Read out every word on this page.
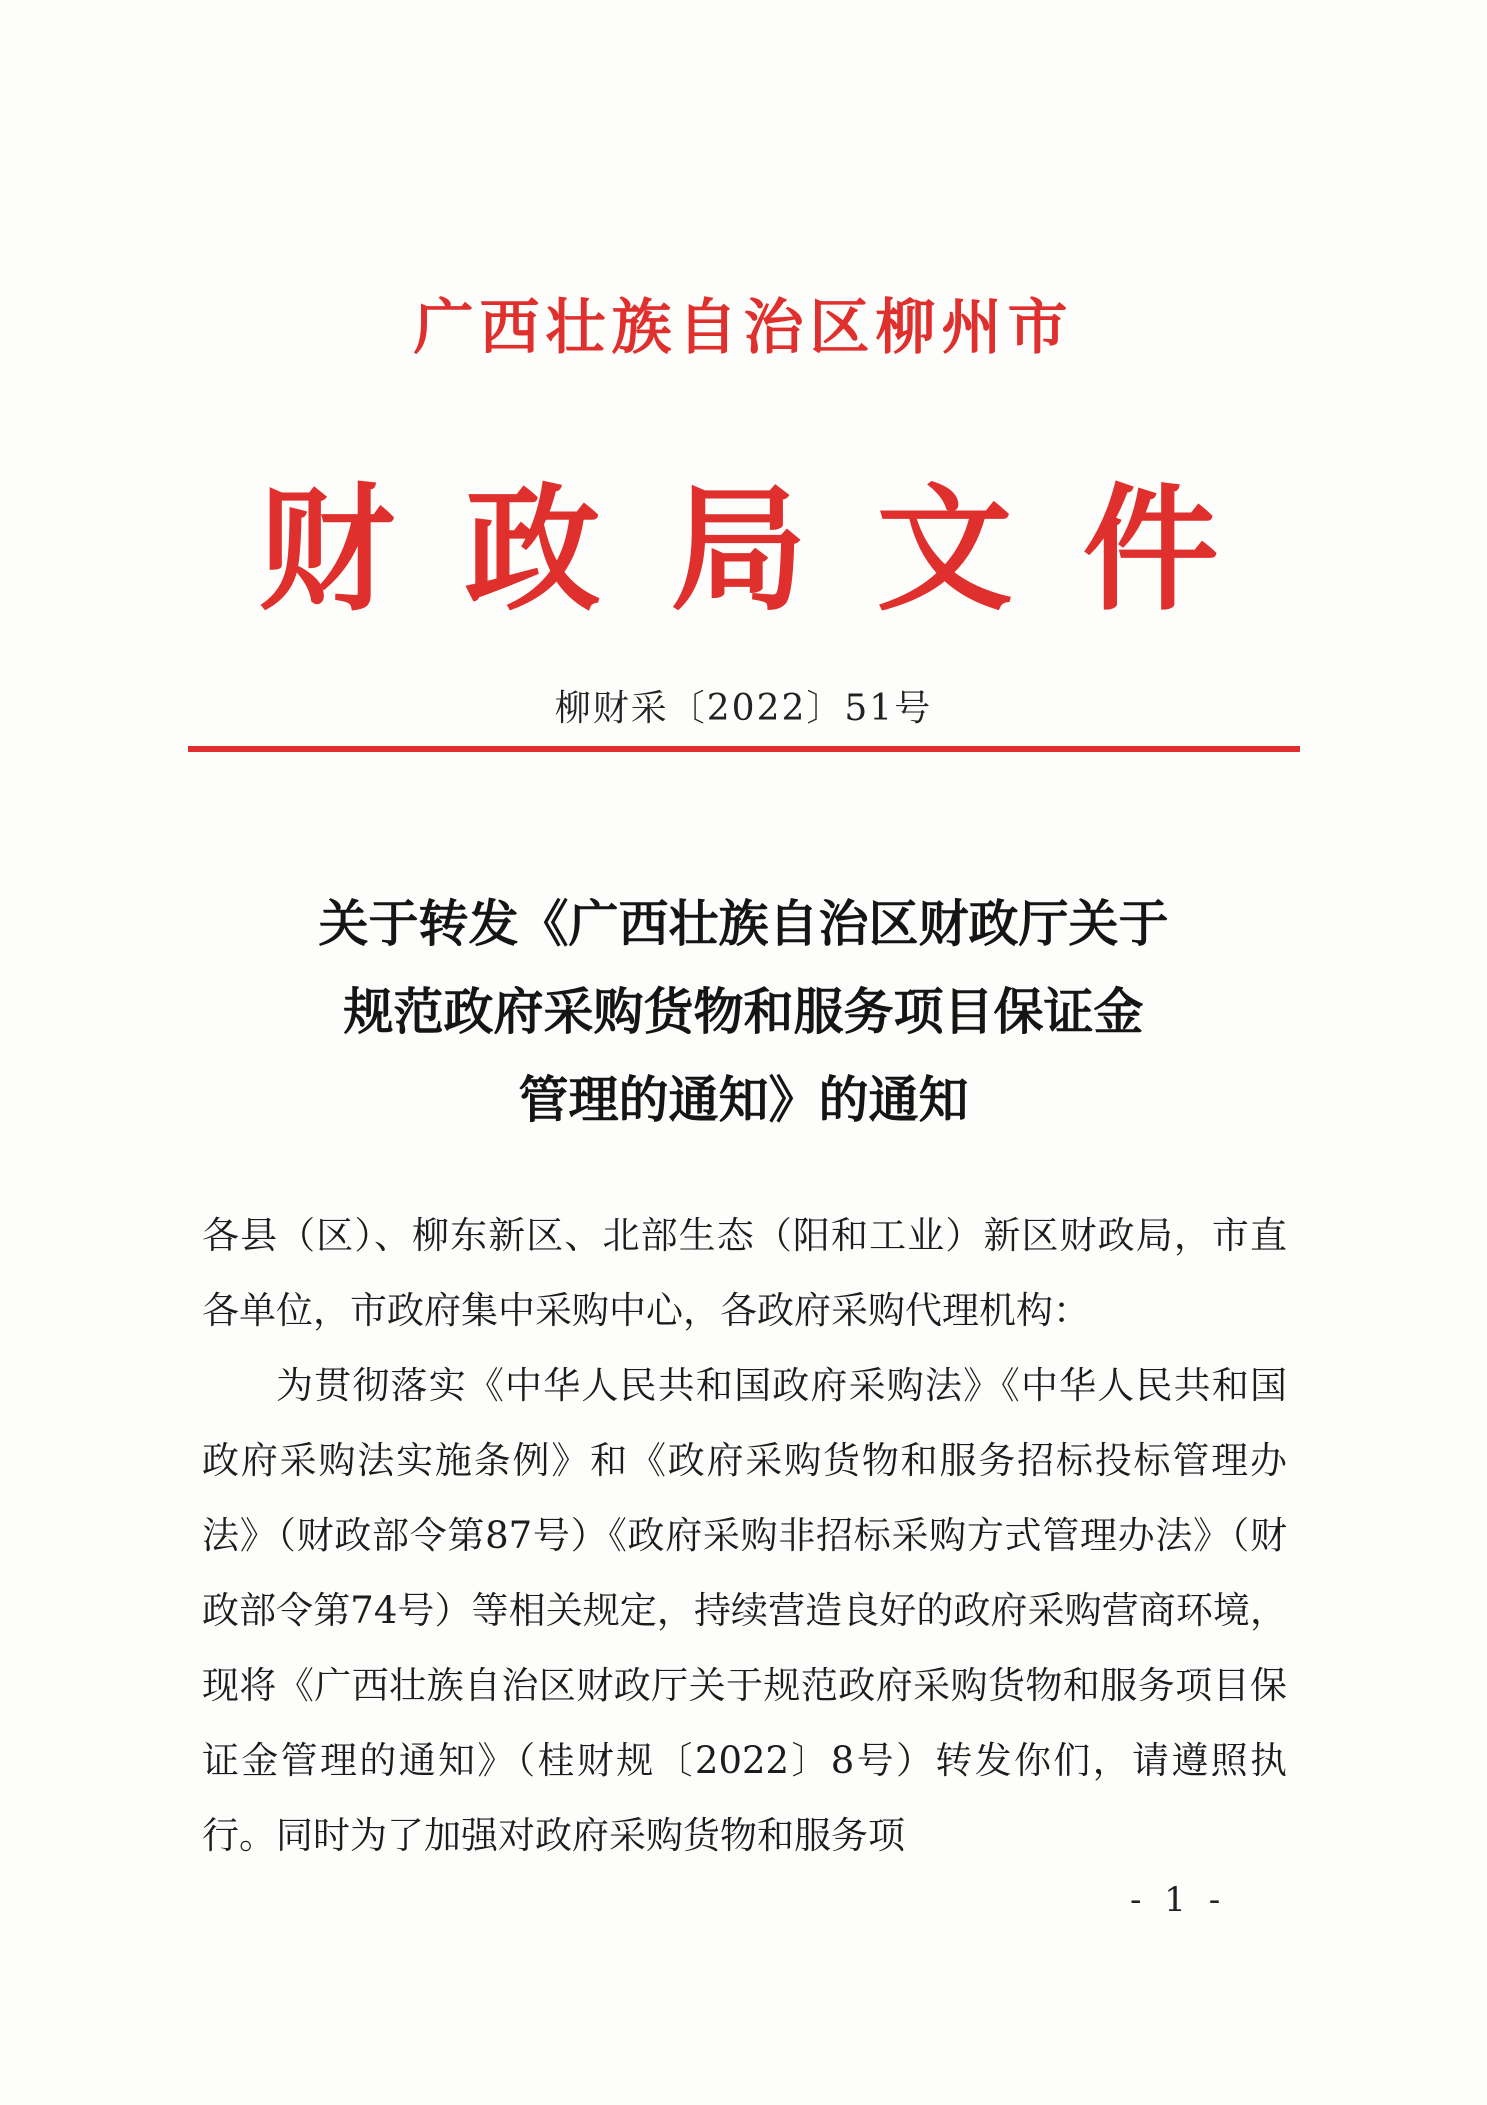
广西壮族自治区柳州市
财政局文件
柳财采〔2022〕51号
关于转发《广西壮族自治区财政厅关于
规范政府采购货物和服务项目保证金
管理的通知》的通知

各县（区）、柳东新区、北部生态（阳和工业）新区财政局，市直各单位，市政府集中采购中心，各政府采购代理机构：

为贯彻落实《中华人民共和国政府采购法》《中华人民共和国政府采购法实施条例》和《政府采购货物和服务招标投标管理办法》（财政部令第87号）《政府采购非招标采购方式管理办法》（财政部令第74号）等相关规定，持续营造良好的政府采购营商环境，现将《广西壮族自治区财政厅关于规范政府采购货物和服务项目保证金管理的通知》（桂财规〔2022〕8号）转发你们，请遵照执行。同时为了加强对政府采购货物和服务项

- 1 -
